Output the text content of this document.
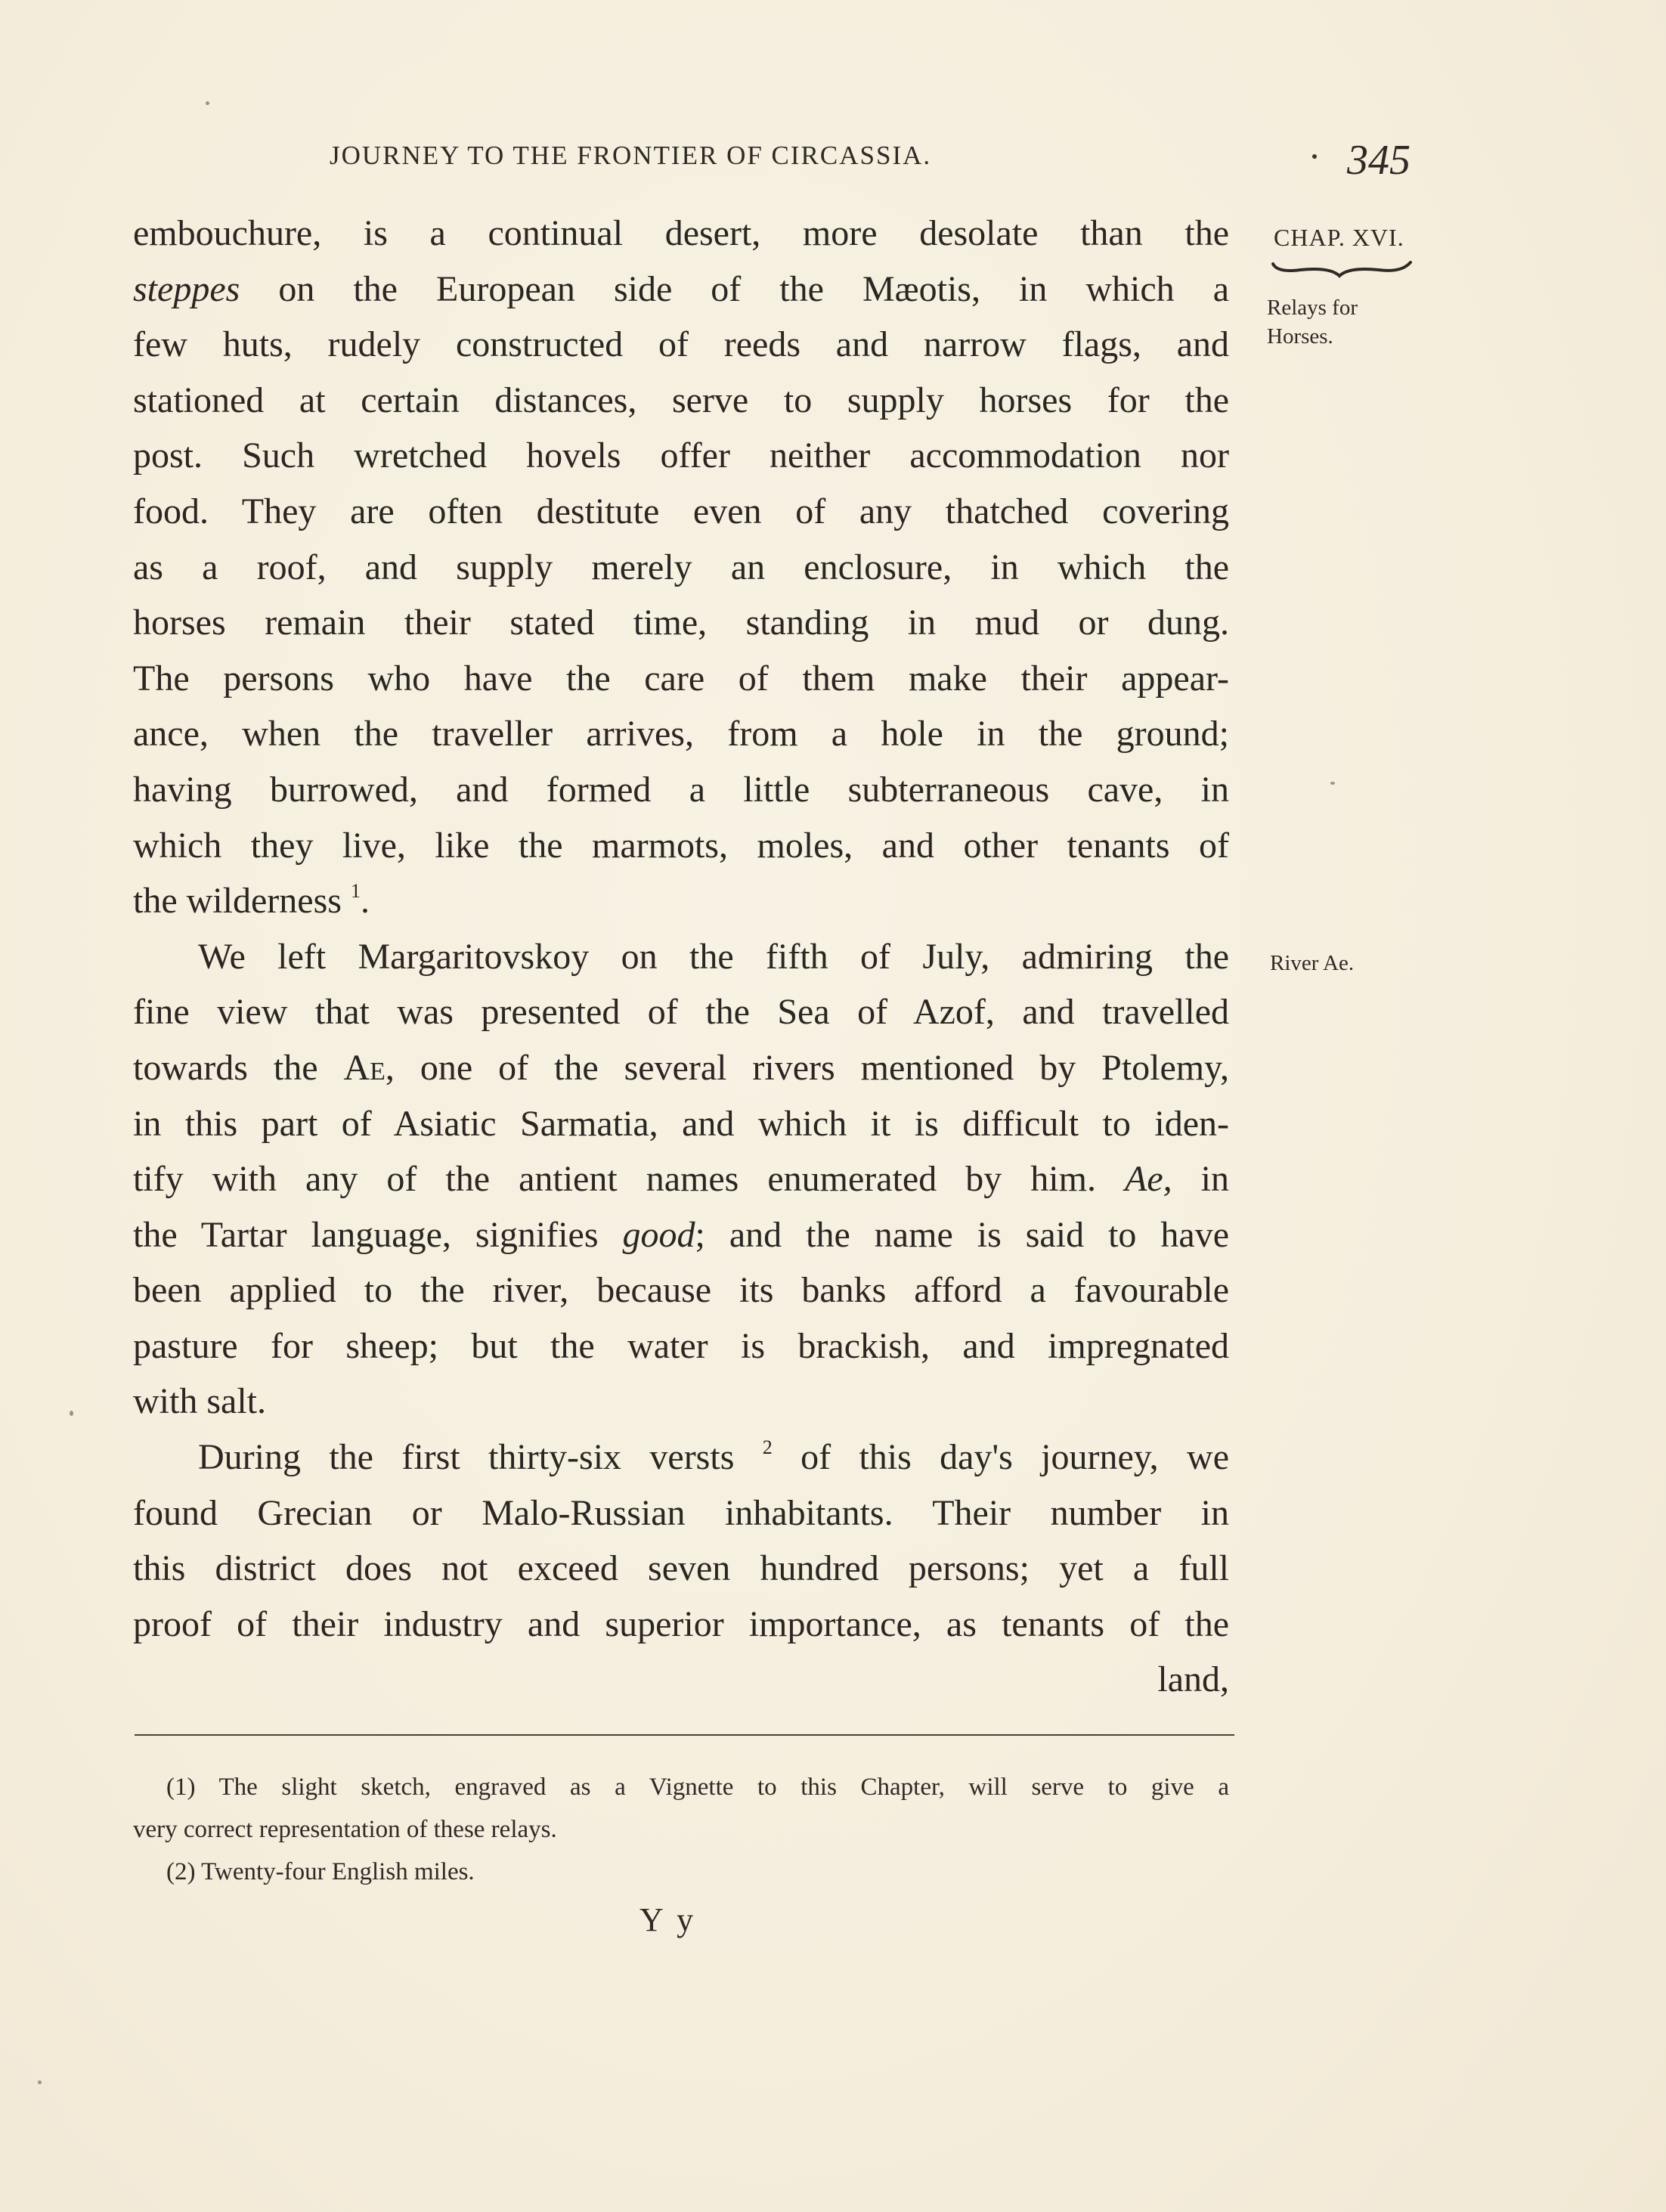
JOURNEY TO THE FRONTIER OF CIRCASSIA.	345
CHAP. XVI.
Relays for
Horses.
River Ae.
embouchure, is a continual desert, more desolate than the
steppes on the European side of the Mæotis, in which a
few huts, rudely constructed of reeds and narrow flags, and
stationed at certain distances, serve to supply horses for the
post. Such wretched hovels offer neither accommodation nor
food. They are often destitute even of any thatched covering
as a roof, and supply merely an enclosure, in which the
horses remain their stated time, standing in mud or dung.
The persons who have the care of them make their appear-
ance, when the traveller arrives, from a hole in the ground;
having burrowed, and formed a little subterraneous cave, in
which they live, like the marmots, moles, and other tenants of
the wilderness $^1$.
We left Margaritovskoy on the fifth of July, admiring the
fine view that was presented of the Sea of Azof, and travelled
towards the Ae, one of the several rivers mentioned by Ptolemy,
in this part of Asiatic Sarmatia, and which it is difficult to iden-
tify with any of the antient names enumerated by him. Ae, in
the Tartar language, signifies good; and the name is said to have
been applied to the river, because its banks afford a favourable
pasture for sheep; but the water is brackish, and impregnated
with salt.
During the first thirty-six versts $^2$ of this day's journey, we
found Grecian or Malo-Russian inhabitants. Their number in
this district does not exceed seven hundred persons; yet a full
proof of their industry and superior importance, as tenants of the
land,
(1) The slight sketch, engraved as a Vignette to this Chapter, will serve to give a
very correct representation of these relays.
(2) Twenty-four English miles.
Y y
